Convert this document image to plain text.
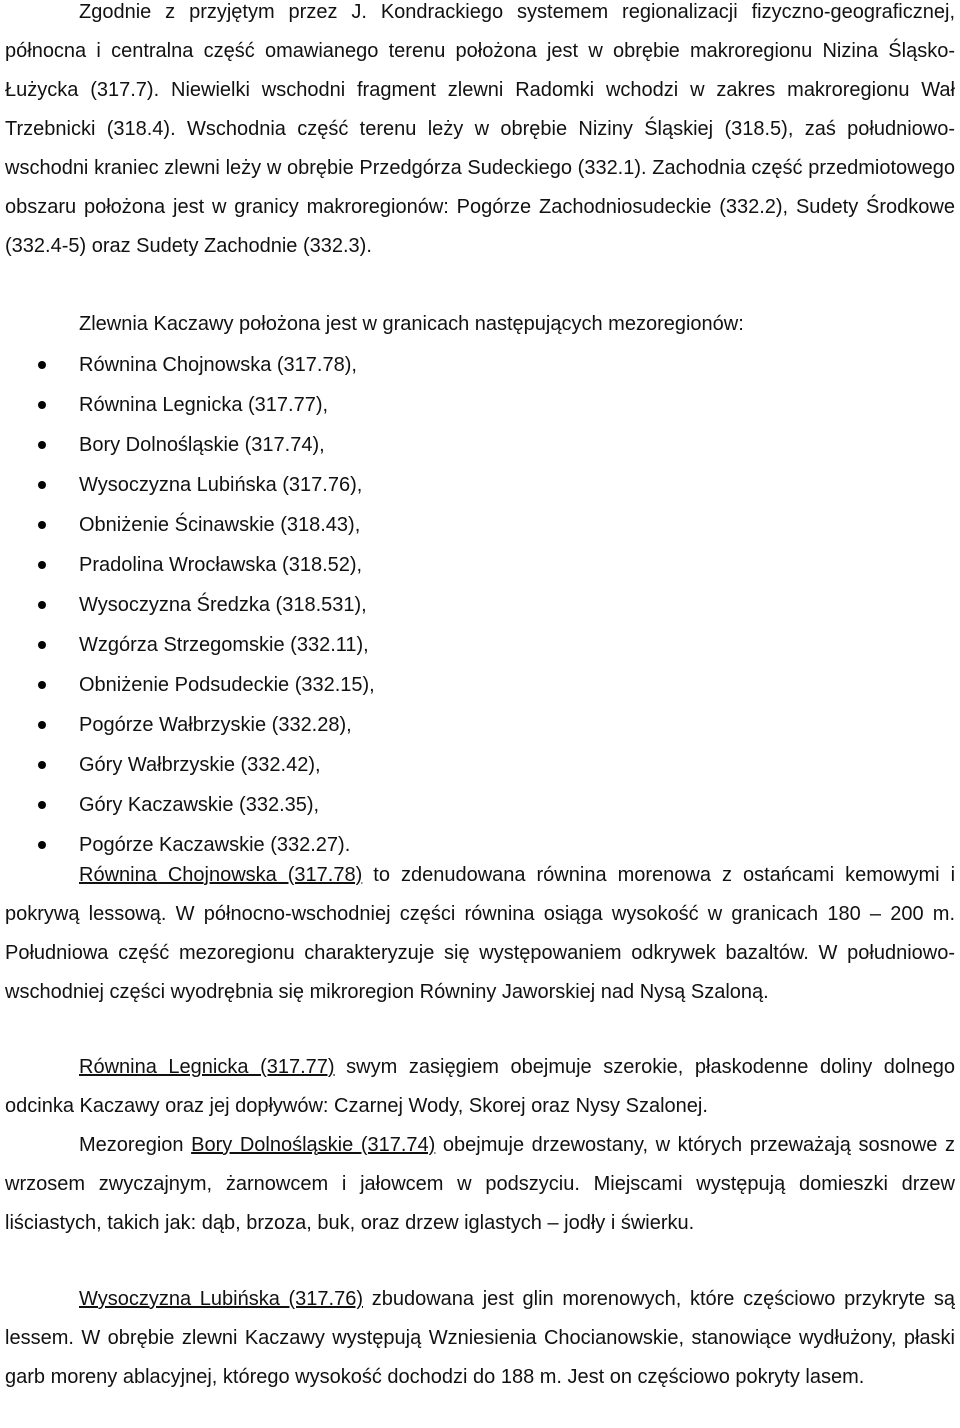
Zgodnie z przyjętym przez J. Kondrackiego systemem regionalizacji fizyczno-geograficznej, północna i centralna część omawianego terenu położona jest w obrębie makroregionu Nizina Śląsko-Łużycka (317.7). Niewielki wschodni fragment zlewni Radomki wchodzi w zakres makroregionu Wał Trzebnicki (318.4). Wschodnia część terenu leży w obrębie Niziny Śląskiej (318.5), zaś południowo-wschodni kraniec zlewni leży w obrębie Przedgórza Sudeckiego (332.1). Zachodnia część przedmiotowego obszaru położona jest w granicy makroregionów: Pogórze Zachodniosudeckie (332.2), Sudety Środkowe (332.4-5) oraz Sudety Zachodnie (332.3).

Zlewnia Kaczawy położona jest w granicach następujących mezoregionów:

Równina Chojnowska (317.78),
Równina Legnicka (317.77),
Bory Dolnośląskie (317.74),
Wysoczyzna Lubińska (317.76),
Obniżenie Ścinawskie (318.43),
Pradolina Wrocławska (318.52),
Wysoczyzna Średzka (318.531),
Wzgórza Strzegomskie (332.11),
Obniżenie Podsudeckie (332.15),
Pogórze Wałbrzyskie (332.28),
Góry Wałbrzyskie (332.42),
Góry Kaczawskie (332.35),
Pogórze Kaczawskie (332.27).

Równina Chojnowska (317.78) to zdenudowana równina morenowa z ostańcami kemowymi i pokrywą lessową. W północno-wschodniej części równina osiąga wysokość w granicach 180 – 200 m. Południowa część mezoregionu charakteryzuje się występowaniem odkrywek bazaltów. W południowo-wschodniej części wyodrębnia się mikroregion Równiny Jaworskiej nad Nysą Szaloną.

Równina Legnicka (317.77) swym zasięgiem obejmuje szerokie, płaskodenne doliny dolnego odcinka Kaczawy oraz jej dopływów: Czarnej Wody, Skorej oraz Nysy Szalonej.

Mezoregion Bory Dolnośląskie (317.74) obejmuje drzewostany, w których przeważają sosnowe z wrzosem zwyczajnym, żarnowcem i jałowcem w podszyciu. Miejscami występują domieszki drzew liściastych, takich jak: dąb, brzoza, buk, oraz drzew iglastych – jodły i świerku.

Wysoczyzna Lubińska (317.76) zbudowana jest glin morenowych, które częściowo przykryte są lessem. W obrębie zlewni Kaczawy występują Wzniesienia Chocianowskie, stanowiące wydłużony, płaski garb moreny ablacyjnej, którego wysokość dochodzi do 188 m. Jest on częściowo pokryty lasem.
